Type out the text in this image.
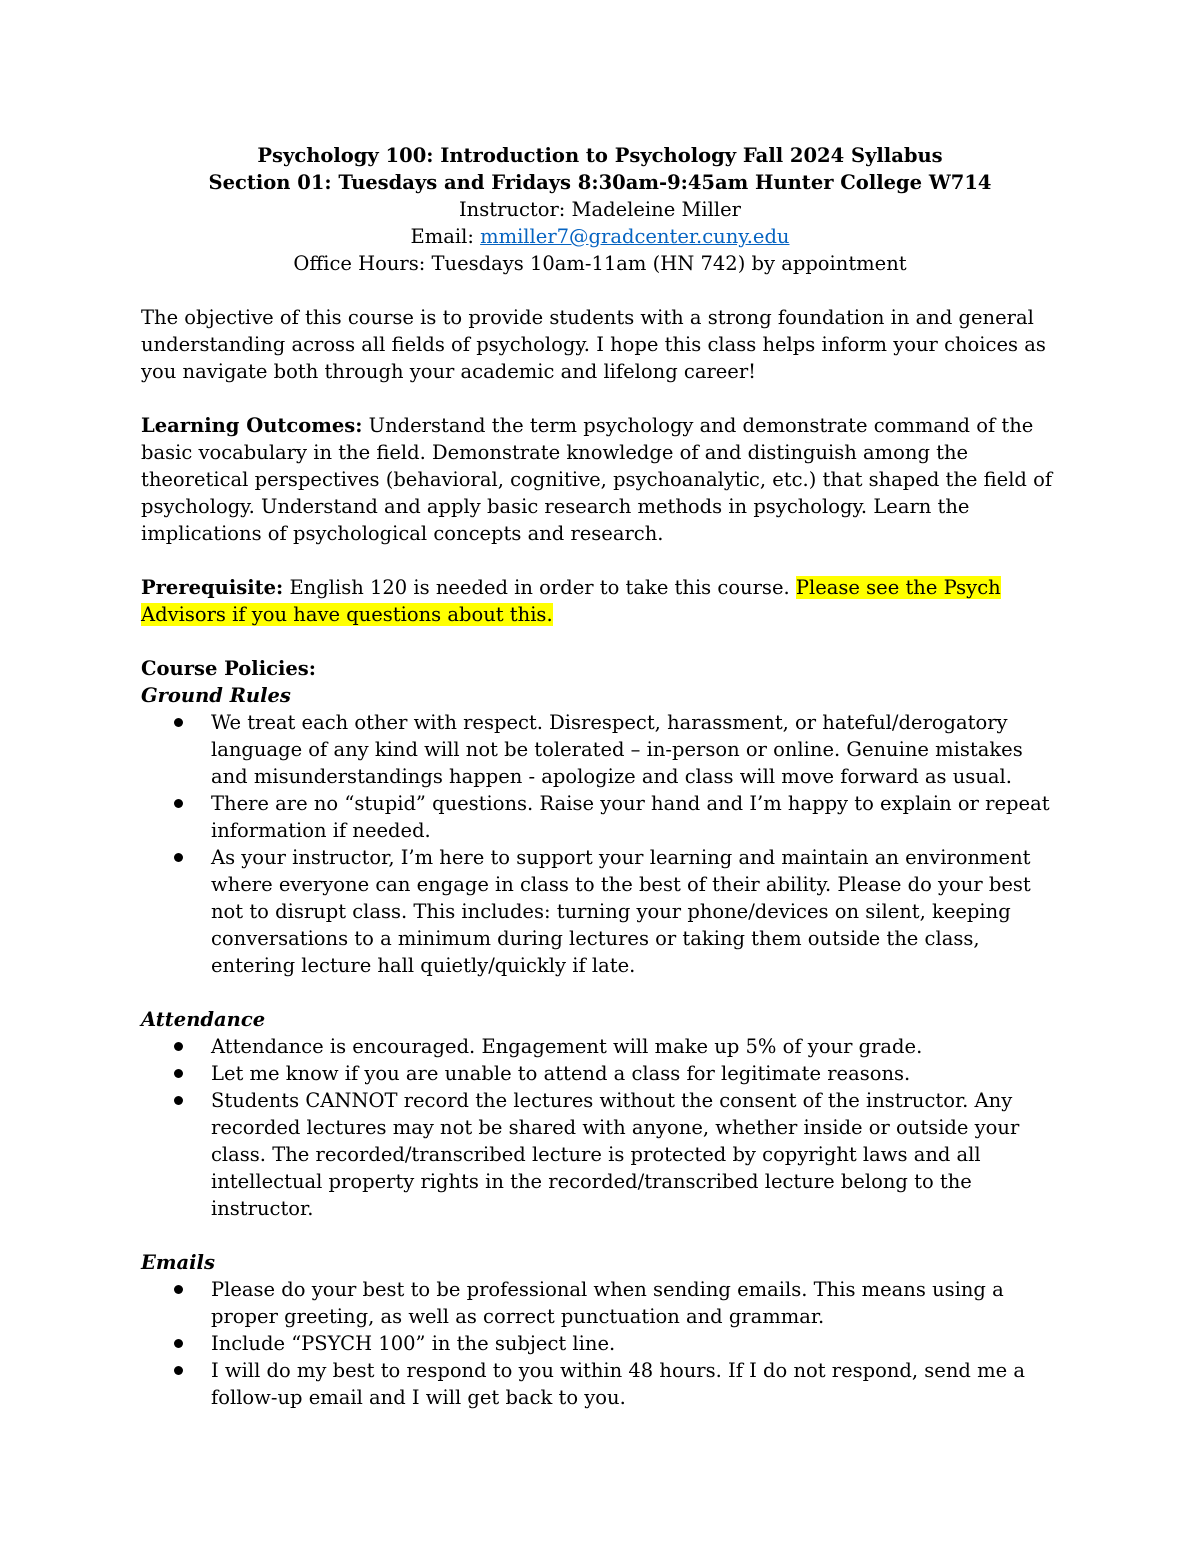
Psychology 100: Introduction to Psychology Fall 2024 Syllabus

Section 01: Tuesdays and Fridays 8:30am-9:45am Hunter College W714

Instructor: Madeleine Miller

Email: mmiller7@gradcenter.cuny.edu

Office Hours: Tuesdays 10am-11am (HN 742) by appointment

The objective of this course is to provide students with a strong foundation in and general understanding across all fields of psychology. I hope this class helps inform your choices as you navigate both through your academic and lifelong career!

Learning Outcomes: Understand the term psychology and demonstrate command of the basic vocabulary in the field. Demonstrate knowledge of and distinguish among the theoretical perspectives (behavioral, cognitive, psychoanalytic, etc.) that shaped the field of psychology. Understand and apply basic research methods in psychology. Learn the implications of psychological concepts and research.

Prerequisite: English 120 is needed in order to take this course. Please see the Psych Advisors if you have questions about this.

Course Policies:

Ground Rules

We treat each other with respect. Disrespect, harassment, or hateful/derogatory language of any kind will not be tolerated – in-person or online. Genuine mistakes and misunderstandings happen - apologize and class will move forward as usual.
There are no “stupid” questions. Raise your hand and I’m happy to explain or repeat information if needed.
As your instructor, I’m here to support your learning and maintain an environment where everyone can engage in class to the best of their ability. Please do your best not to disrupt class. This includes: turning your phone/devices on silent, keeping conversations to a minimum during lectures or taking them outside the class, entering lecture hall quietly/quickly if late.

Attendance

Attendance is encouraged. Engagement will make up 5% of your grade.
Let me know if you are unable to attend a class for legitimate reasons.
Students CANNOT record the lectures without the consent of the instructor. Any recorded lectures may not be shared with anyone, whether inside or outside your class. The recorded/transcribed lecture is protected by copyright laws and all intellectual property rights in the recorded/transcribed lecture belong to the instructor.

Emails

Please do your best to be professional when sending emails. This means using a proper greeting, as well as correct punctuation and grammar.
Include “PSYCH 100” in the subject line.
I will do my best to respond to you within 48 hours. If I do not respond, send me a follow-up email and I will get back to you.
